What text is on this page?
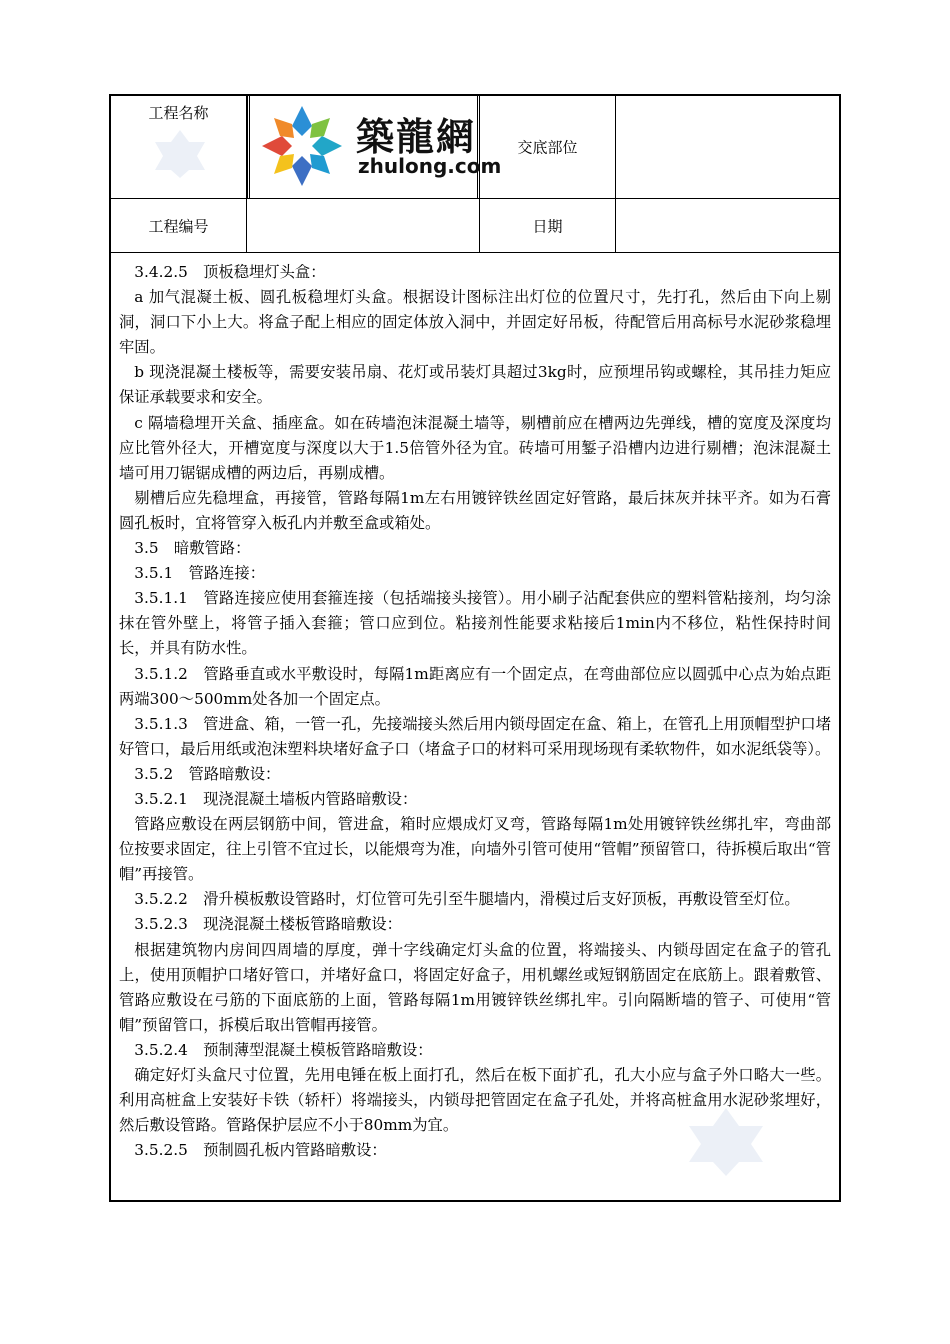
工程名称
築龍網
zhulong.com
交底部位
工程编号	日期

3.4.2.5　顶板稳埋灯头盒：

a 加气混凝土板、圆孔板稳埋灯头盒。根据设计图标注出灯位的位置尺寸，先打孔，然后由下向上剔洞，洞口下小上大。将盒子配上相应的固定体放入洞中，并固定好吊板，待配管后用高标号水泥砂浆稳埋牢固。

b 现浇混凝土楼板等，需要安装吊扇、花灯或吊装灯具超过3kg时，应预埋吊钩或螺栓，其吊挂力矩应保证承载要求和安全。

c 隔墙稳埋开关盒、插座盒。如在砖墙泡沫混凝土墙等，剔槽前应在槽两边先弹线，槽的宽度及深度均应比管外径大，开槽宽度与深度以大于1.5倍管外径为宜。砖墙可用錾子沿槽内边进行剔槽；泡沫混凝土墙可用刀锯锯成槽的两边后，再剔成槽。

剔槽后应先稳埋盒，再接管，管路每隔1m左右用镀锌铁丝固定好管路，最后抹灰并抹平齐。如为石膏圆孔板时，宜将管穿入板孔内并敷至盒或箱处。

3.5　暗敷管路：

3.5.1　管路连接：

3.5.1.1　管路连接应使用套箍连接（包括端接头接管）。用小刷子沾配套供应的塑料管粘接剂，均匀涂抹在管外壁上，将管子插入套箍；管口应到位。粘接剂性能要求粘接后1min内不移位，粘性保持时间长，并具有防水性。

3.5.1.2　管路垂直或水平敷设时，每隔1m距离应有一个固定点，在弯曲部位应以圆弧中心点为始点距两端300～500mm处各加一个固定点。

3.5.1.3　管进盒、箱，一管一孔，先接端接头然后用内锁母固定在盒、箱上，在管孔上用顶帽型护口堵好管口，最后用纸或泡沫塑料块堵好盒子口（堵盒子口的材料可采用现场现有柔软物件，如水泥纸袋等）。

3.5.2　管路暗敷设：

3.5.2.1　现浇混凝土墙板内管路暗敷设：

管路应敷设在两层钢筋中间，管进盒，箱时应煨成灯叉弯，管路每隔1m处用镀锌铁丝绑扎牢，弯曲部位按要求固定，往上引管不宜过长，以能煨弯为准，向墙外引管可使用“管帽”预留管口，待拆模后取出“管帽”再接管。

3.5.2.2　滑升模板敷设管路时，灯位管可先引至牛腿墙内，滑模过后支好顶板，再敷设管至灯位。

3.5.2.3　现浇混凝土楼板管路暗敷设：

根据建筑物内房间四周墙的厚度，弹十字线确定灯头盒的位置，将端接头、内锁母固定在盒子的管孔上，使用顶帽护口堵好管口，并堵好盒口，将固定好盒子，用机螺丝或短钢筋固定在底筋上。跟着敷管、管路应敷设在弓筋的下面底筋的上面，管路每隔1m用镀锌铁丝绑扎牢。引向隔断墙的管子、可使用“管帽”预留管口，拆模后取出管帽再接管。

3.5.2.4　预制薄型混凝土模板管路暗敷设：

确定好灯头盒尺寸位置，先用电锤在板上面打孔，然后在板下面扩孔，孔大小应与盒子外口略大一些。利用高桩盒上安装好卡铁（轿杆）将端接头，内锁母把管固定在盒子孔处，并将高桩盒用水泥砂浆埋好，然后敷设管路。管路保护层应不小于80mm为宜。

3.5.2.5　预制圆孔板内管路暗敷设：
